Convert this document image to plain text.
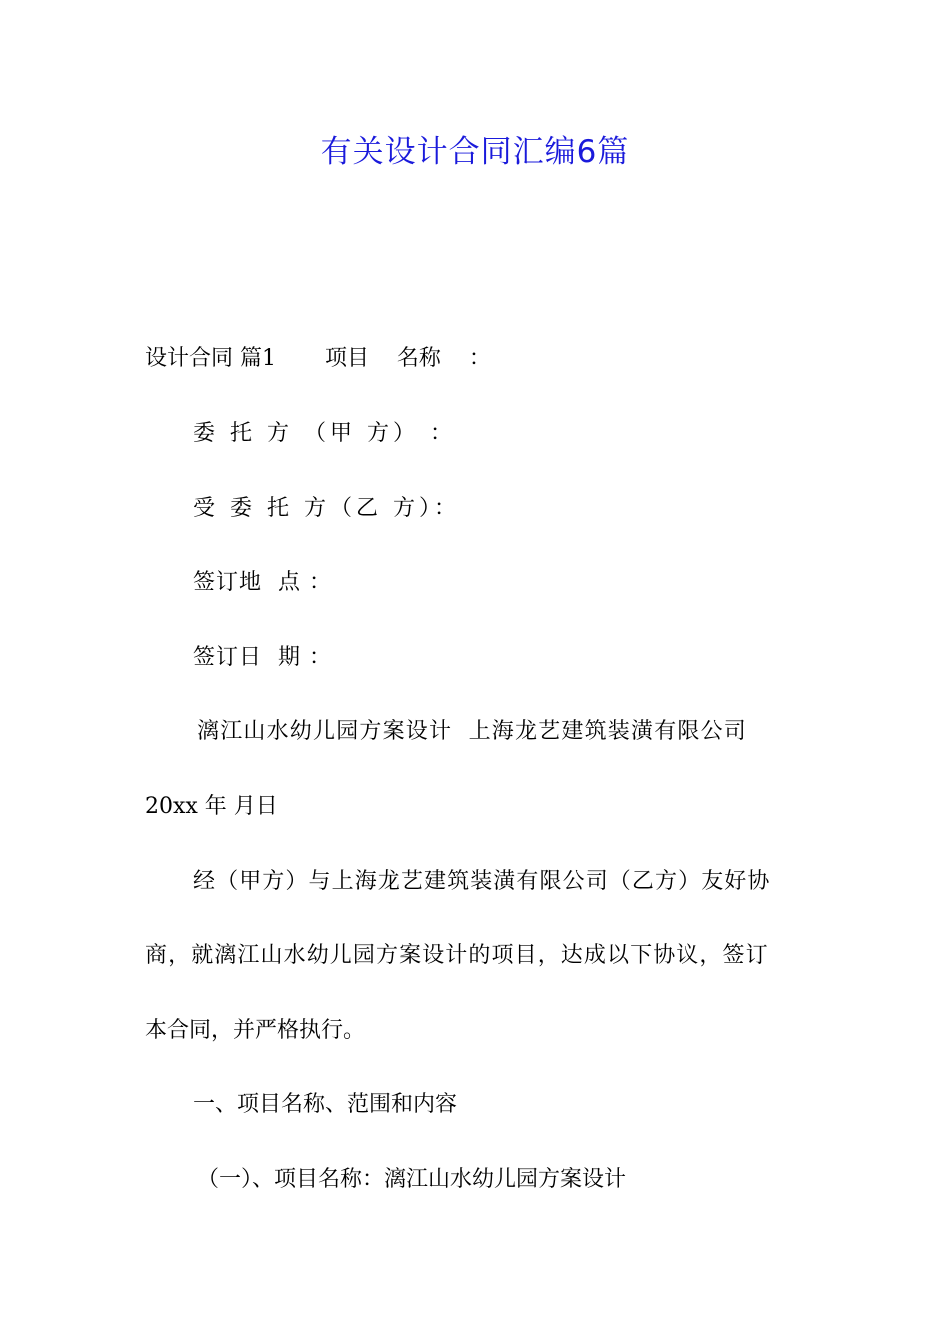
有关设计合同汇编6篇

设计合同 篇1       项目    名称    ：

委 托 方 （甲 方） ：

受 委 托 方（乙 方）：

签订地  点 ：

签订日  期 ：

漓江山水幼儿园方案设计  上海龙艺建筑装潢有限公司

20xx 年 月日

经（甲方）与上海龙艺建筑装潢有限公司（乙方）友好协

商，就漓江山水幼儿园方案设计的项目，达成以下协议，签订

本合同，并严格执行。

一、项目名称、范围和内容

（一）、项目名称：漓江山水幼儿园方案设计
